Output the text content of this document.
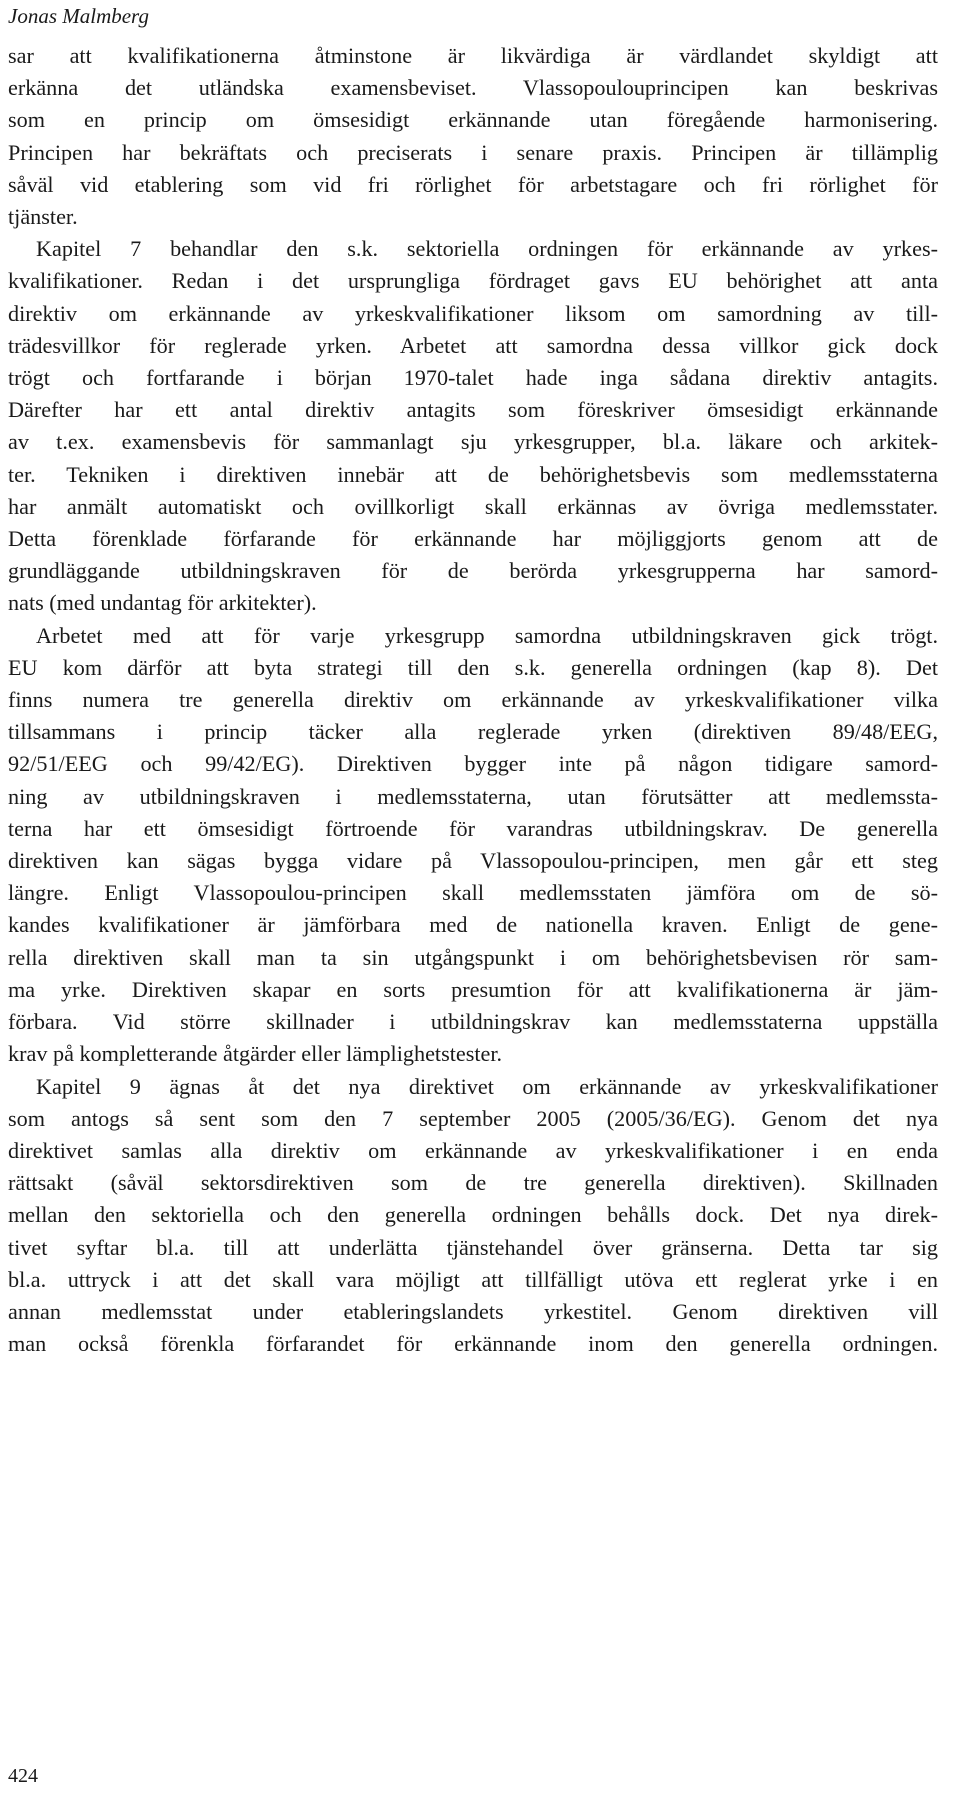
Jonas Malmberg
sar att kvalifikationerna åtminstone är likvärdiga är värdlandet skyldigt att
erkänna det utländska examensbeviset. Vlassopoulouprincipen kan beskrivas
som en princip om ömsesidigt erkännande utan föregående harmonisering.
Principen har bekräftats och preciserats i senare praxis. Principen är tillämplig
såväl vid etablering som vid fri rörlighet för arbetstagare och fri rörlighet för
tjänster.
Kapitel 7 behandlar den s.k. sektoriella ordningen för erkännande av yrkes-
kvalifikationer. Redan i det ursprungliga fördraget gavs EU behörighet att anta
direktiv om erkännande av yrkeskvalifikationer liksom om samordning av till-
trädesvillkor för reglerade yrken. Arbetet att samordna dessa villkor gick dock
trögt och fortfarande i början 1970-talet hade inga sådana direktiv antagits.
Därefter har ett antal direktiv antagits som föreskriver ömsesidigt erkännande
av t.ex. examensbevis för sammanlagt sju yrkesgrupper, bl.a. läkare och arkitek-
ter. Tekniken i direktiven innebär att de behörighetsbevis som medlemsstaterna
har anmält automatiskt och ovillkorligt skall erkännas av övriga medlemsstater.
Detta förenklade förfarande för erkännande har möjliggjorts genom att de
grundläggande utbildningskraven för de berörda yrkesgrupperna har samord-
nats (med undantag för arkitekter).
Arbetet med att för varje yrkesgrupp samordna utbildningskraven gick trögt.
EU kom därför att byta strategi till den s.k. generella ordningen (kap 8). Det
finns numera tre generella direktiv om erkännande av yrkeskvalifikationer vilka
tillsammans i princip täcker alla reglerade yrken (direktiven 89/48/EEG,
92/51/EEG och 99/42/EG). Direktiven bygger inte på någon tidigare samord-
ning av utbildningskraven i medlemsstaterna, utan förutsätter att medlemssta-
terna har ett ömsesidigt förtroende för varandras utbildningskrav. De generella
direktiven kan sägas bygga vidare på Vlassopoulou-principen, men går ett steg
längre. Enligt Vlassopoulou-principen skall medlemsstaten jämföra om de sö-
kandes kvalifikationer är jämförbara med de nationella kraven. Enligt de gene-
rella direktiven skall man ta sin utgångspunkt i om behörighetsbevisen rör sam-
ma yrke. Direktiven skapar en sorts presumtion för att kvalifikationerna är jäm-
förbara. Vid större skillnader i utbildningskrav kan medlemsstaterna uppställa
krav på kompletterande åtgärder eller lämplighetstester.
Kapitel 9 ägnas åt det nya direktivet om erkännande av yrkeskvalifikationer
som antogs så sent som den 7 september 2005 (2005/36/EG). Genom det nya
direktivet samlas alla direktiv om erkännande av yrkeskvalifikationer i en enda
rättsakt (såväl sektorsdirektiven som de tre generella direktiven). Skillnaden
mellan den sektoriella och den generella ordningen behålls dock. Det nya direk-
tivet syftar bl.a. till att underlätta tjänstehandel över gränserna. Detta tar sig
bl.a. uttryck i att det skall vara möjligt att tillfälligt utöva ett reglerat yrke i en
annan medlemsstat under etableringslandets yrkestitel. Genom direktiven vill
man också förenkla förfarandet för erkännande inom den generella ordningen.
424
